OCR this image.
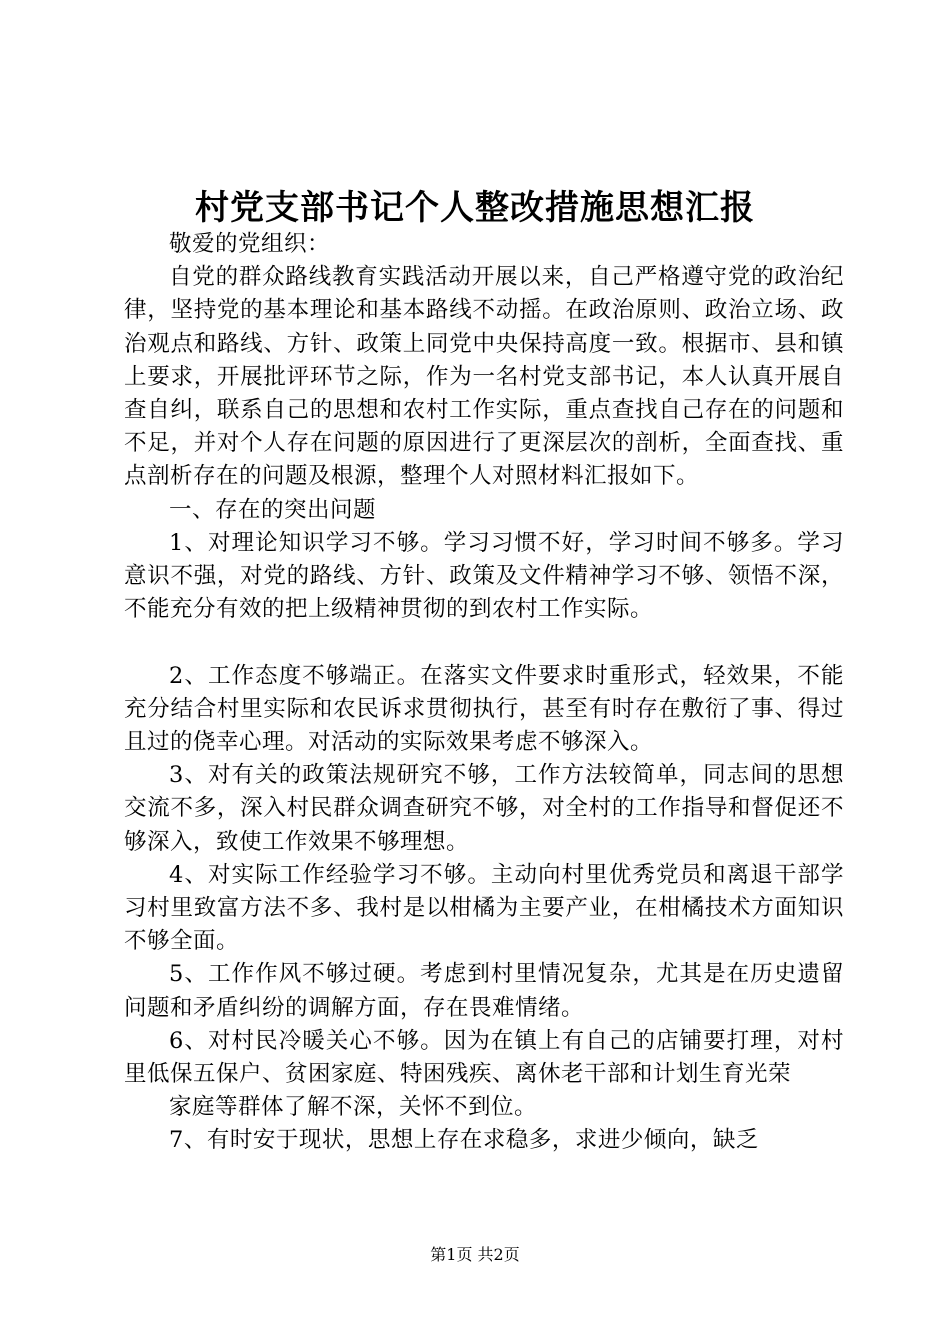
村党支部书记个人整改措施思想汇报

敬爱的党组织：

自党的群众路线教育实践活动开展以来，自己严格遵守党的政治纪律，坚持党的基本理论和基本路线不动摇。在政治原则、政治立场、政治观点和路线、方针、政策上同党中央保持高度一致。根据市、县和镇上要求，开展批评环节之际，作为一名村党支部书记，本人认真开展自查自纠，联系自己的思想和农村工作实际，重点查找自己存在的问题和不足，并对个人存在问题的原因进行了更深层次的剖析，全面查找、重点剖析存在的问题及根源，整理个人对照材料汇报如下。

一、存在的突出问题

1、对理论知识学习不够。学习习惯不好，学习时间不够多。学习意识不强，对党的路线、方针、政策及文件精神学习不够、领悟不深，不能充分有效的把上级精神贯彻的到农村工作实际。

2、工作态度不够端正。在落实文件要求时重形式，轻效果，不能充分结合村里实际和农民诉求贯彻执行，甚至有时存在敷衍了事、得过且过的侥幸心理。对活动的实际效果考虑不够深入。

3、对有关的政策法规研究不够，工作方法较简单，同志间的思想交流不多，深入村民群众调查研究不够，对全村的工作指导和督促还不够深入，致使工作效果不够理想。

4、对实际工作经验学习不够。主动向村里优秀党员和离退干部学习村里致富方法不多、我村是以柑橘为主要产业，在柑橘技术方面知识不够全面。

5、工作作风不够过硬。考虑到村里情况复杂，尤其是在历史遗留问题和矛盾纠纷的调解方面，存在畏难情绪。

6、对村民冷暖关心不够。因为在镇上有自己的店铺要打理，对村里低保五保户、贫困家庭、特困残疾、离休老干部和计划生育光荣

家庭等群体了解不深，关怀不到位。

7、有时安于现状，思想上存在求稳多，求进少倾向，缺乏

第1页 共2页
